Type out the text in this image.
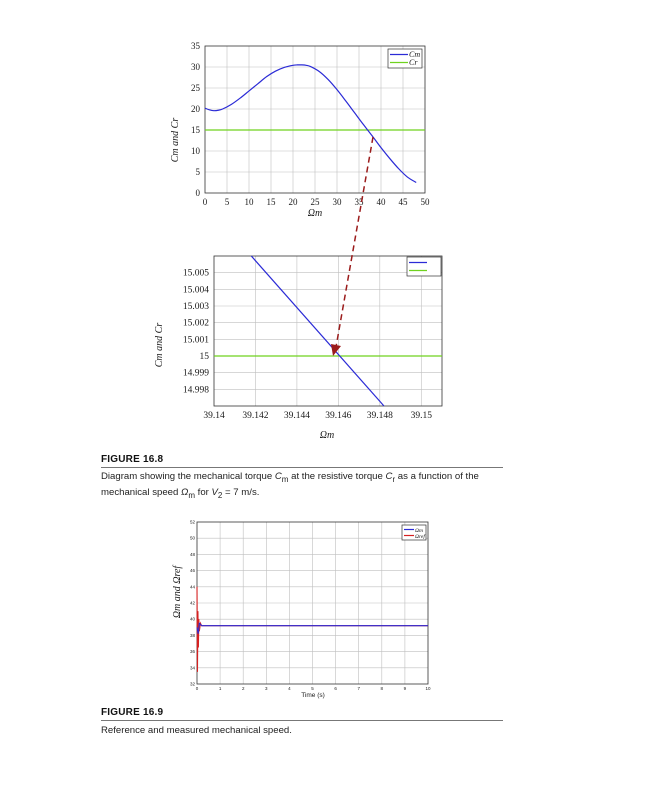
0 5 10 15 20 25 30 35 40 45 50
0
5
10
15
20
25
30
35
Cm
Cr
39.14 39.142 39.144 39.146 39.148 39.15
14.998
14.999
15
15.001
15.002
15.003
15.004
15.005
0	1	2	3	4	5	6	7	8	9	10
32
34
36
38
40
42
44
46
48
50
52
Ωm
Ωref
Ωm
Cm and Cr
Ωm
Cm and Cr
Time (s)
Ωm and Ωref
FIGURE 16.8
Diagram showing the mechanical torque $C_m$ at the resistive torque $C_r$ as a function of the
mechanical speed $\Omega_m$ for $V_2 = 7$ m/s.
FIGURE 16.9
Reference and measured mechanical speed.
